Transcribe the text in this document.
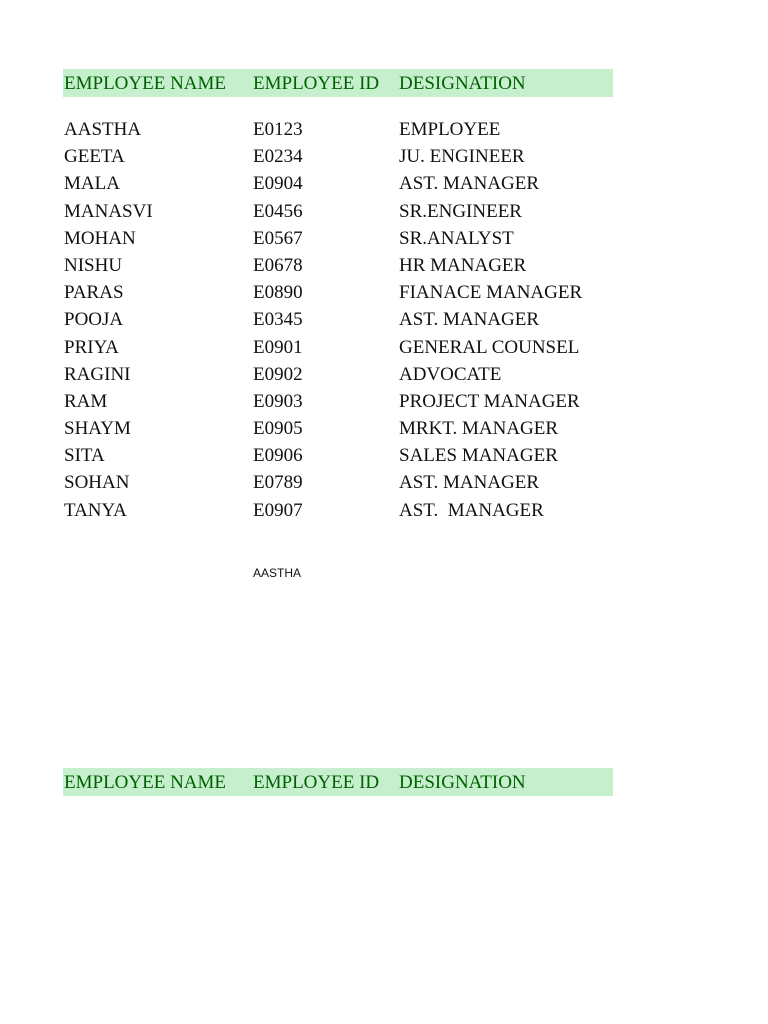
EMPLOYEE NAME EMPLOYEE ID DESIGNATION
AASTHA	E0123	EMPLOYEE
GEETA	E0234	JU. ENGINEER
MALA	E0904	AST. MANAGER
MANASVI	E0456	SR.ENGINEER
MOHAN	E0567	SR.ANALYST
NISHU	E0678	HR MANAGER
PARAS	E0890	FIANACE MANAGER
POOJA	E0345	AST. MANAGER
PRIYA	E0901	GENERAL COUNSEL
RAGINI	E0902	ADVOCATE
RAM	E0903	PROJECT MANAGER
SHAYM	E0905	MRKT. MANAGER
SITA	E0906	SALES MANAGER
SOHAN	E0789	AST. MANAGER
TANYA	E0907	AST.  MANAGER
AASTHA
EMPLOYEE NAME EMPLOYEE ID DESIGNATION
